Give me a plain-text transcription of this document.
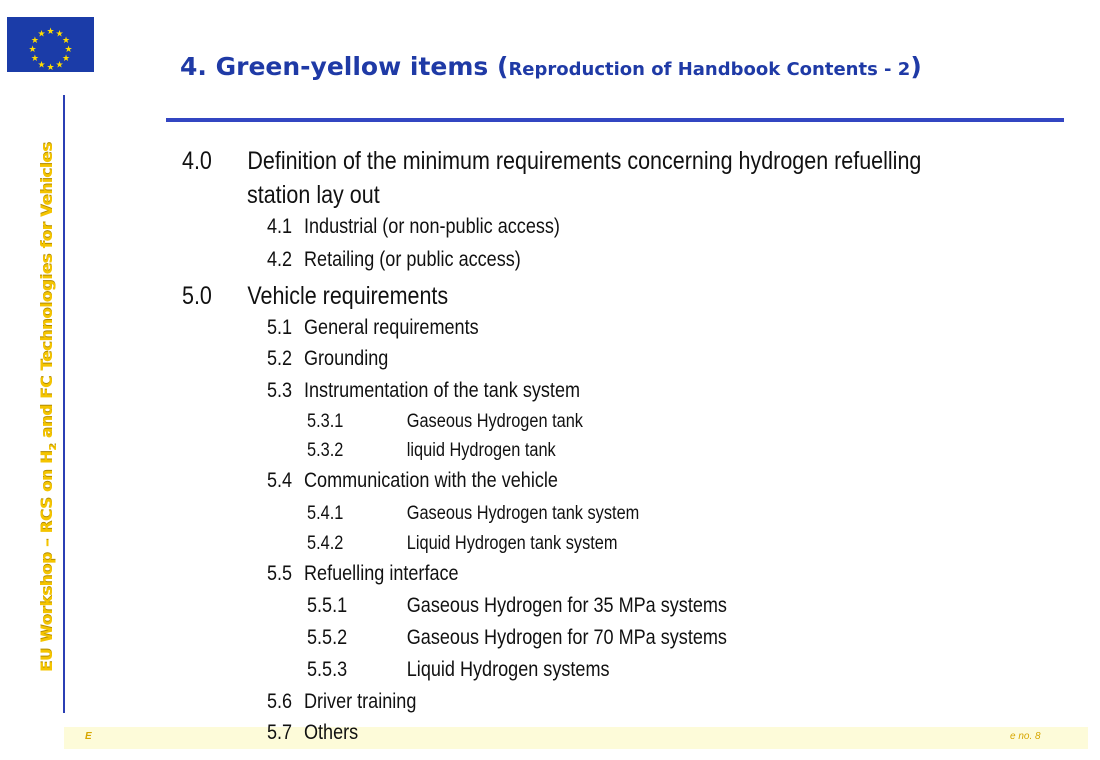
★ ★
★
★
★
★
★
★
★
★
★
★
EU Workshop – RCS on $H_2$ and FC Technologies for Vehicles
4. Green-yellow items (Reproduction of Handbook Contents - 2)
E	e no. 8
4.0 Definition of the minimum requirements concerning hydrogen refuelling
station lay out
4.1 Industrial (or non-public access)
4.2 Retailing (or public access)
5.0 Vehicle requirements
5.1 General requirements
5.2 Grounding
5.3 Instrumentation of the tank system
5.3.1	Gaseous Hydrogen tank
5.3.2	liquid Hydrogen tank
5.4 Communication with the vehicle
5.4.1	Gaseous Hydrogen tank system
5.4.2	Liquid Hydrogen tank system
5.5 Refuelling interface
5.5.1	Gaseous Hydrogen for 35 MPa systems
5.5.2	Gaseous Hydrogen for 70 MPa systems
5.5.3	Liquid Hydrogen systems
5.6 Driver training
5.7 Others
